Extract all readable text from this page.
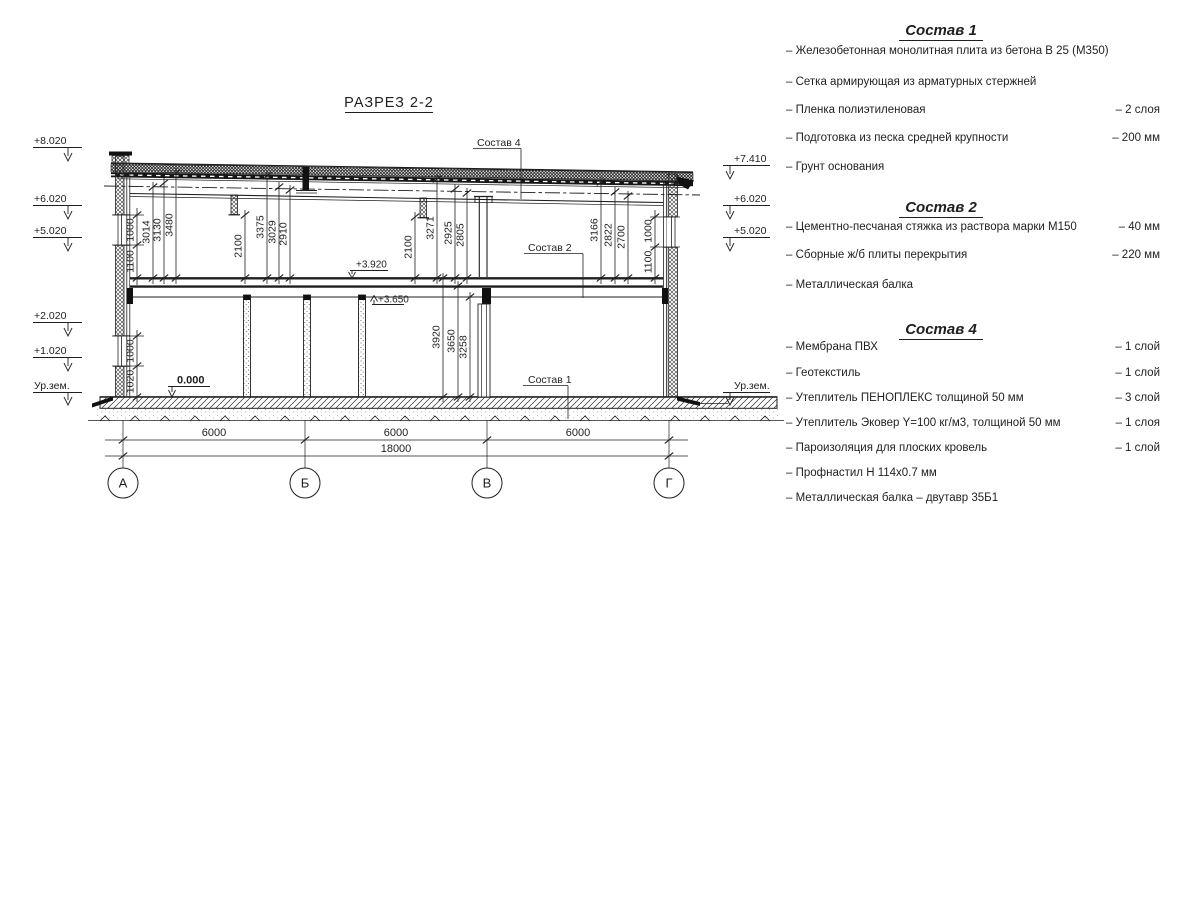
РАЗРЕЗ 2-2
1000
1100
3014 3130 3480
2100
3375 3029 2910
2100
3271 2925 2805	3166 2822 2700 1000
1100
3920 3650 3258
1000
1020
6000	6000	6000
18000
А	Б	В	Г
+8.020
+6.020
+5.020
+2.020
+1.020
Ур.зем.
+7.410
+6.020
+5.020
Ур.зем.
0.000
+3.920
+3.650
Состав 4
Состав 2
Состав 1
Состав 1
– Железобетонная монолитная плита из бетона В 25 (М350)
– Сетка армирующая из арматурных стержней
– Пленка полиэтиленовая	– 2 слоя
– Подготовка из песка средней крупности	– 200 мм
– Грунт основания
Состав 2
– Цементно-песчаная стяжка из раствора марки М150	– 40 мм
– Сборные ж/б плиты перекрытия	– 220 мм
– Металлическая балка
Состав 4
– Мембрана ПВХ	– 1 слой
– Геотекстиль	– 1 слой
– Утеплитель ПЕНОПЛЕКС толщиной 50 мм	– 3 слой
– Утеплитель Эковер Y=100 кг/м3, толщиной 50 мм	– 1 слоя
– Пароизоляция для плоских кровель	– 1 слой
– Профнастил Н 114х0.7 мм
– Металлическая балка – двутавр 35Б1
